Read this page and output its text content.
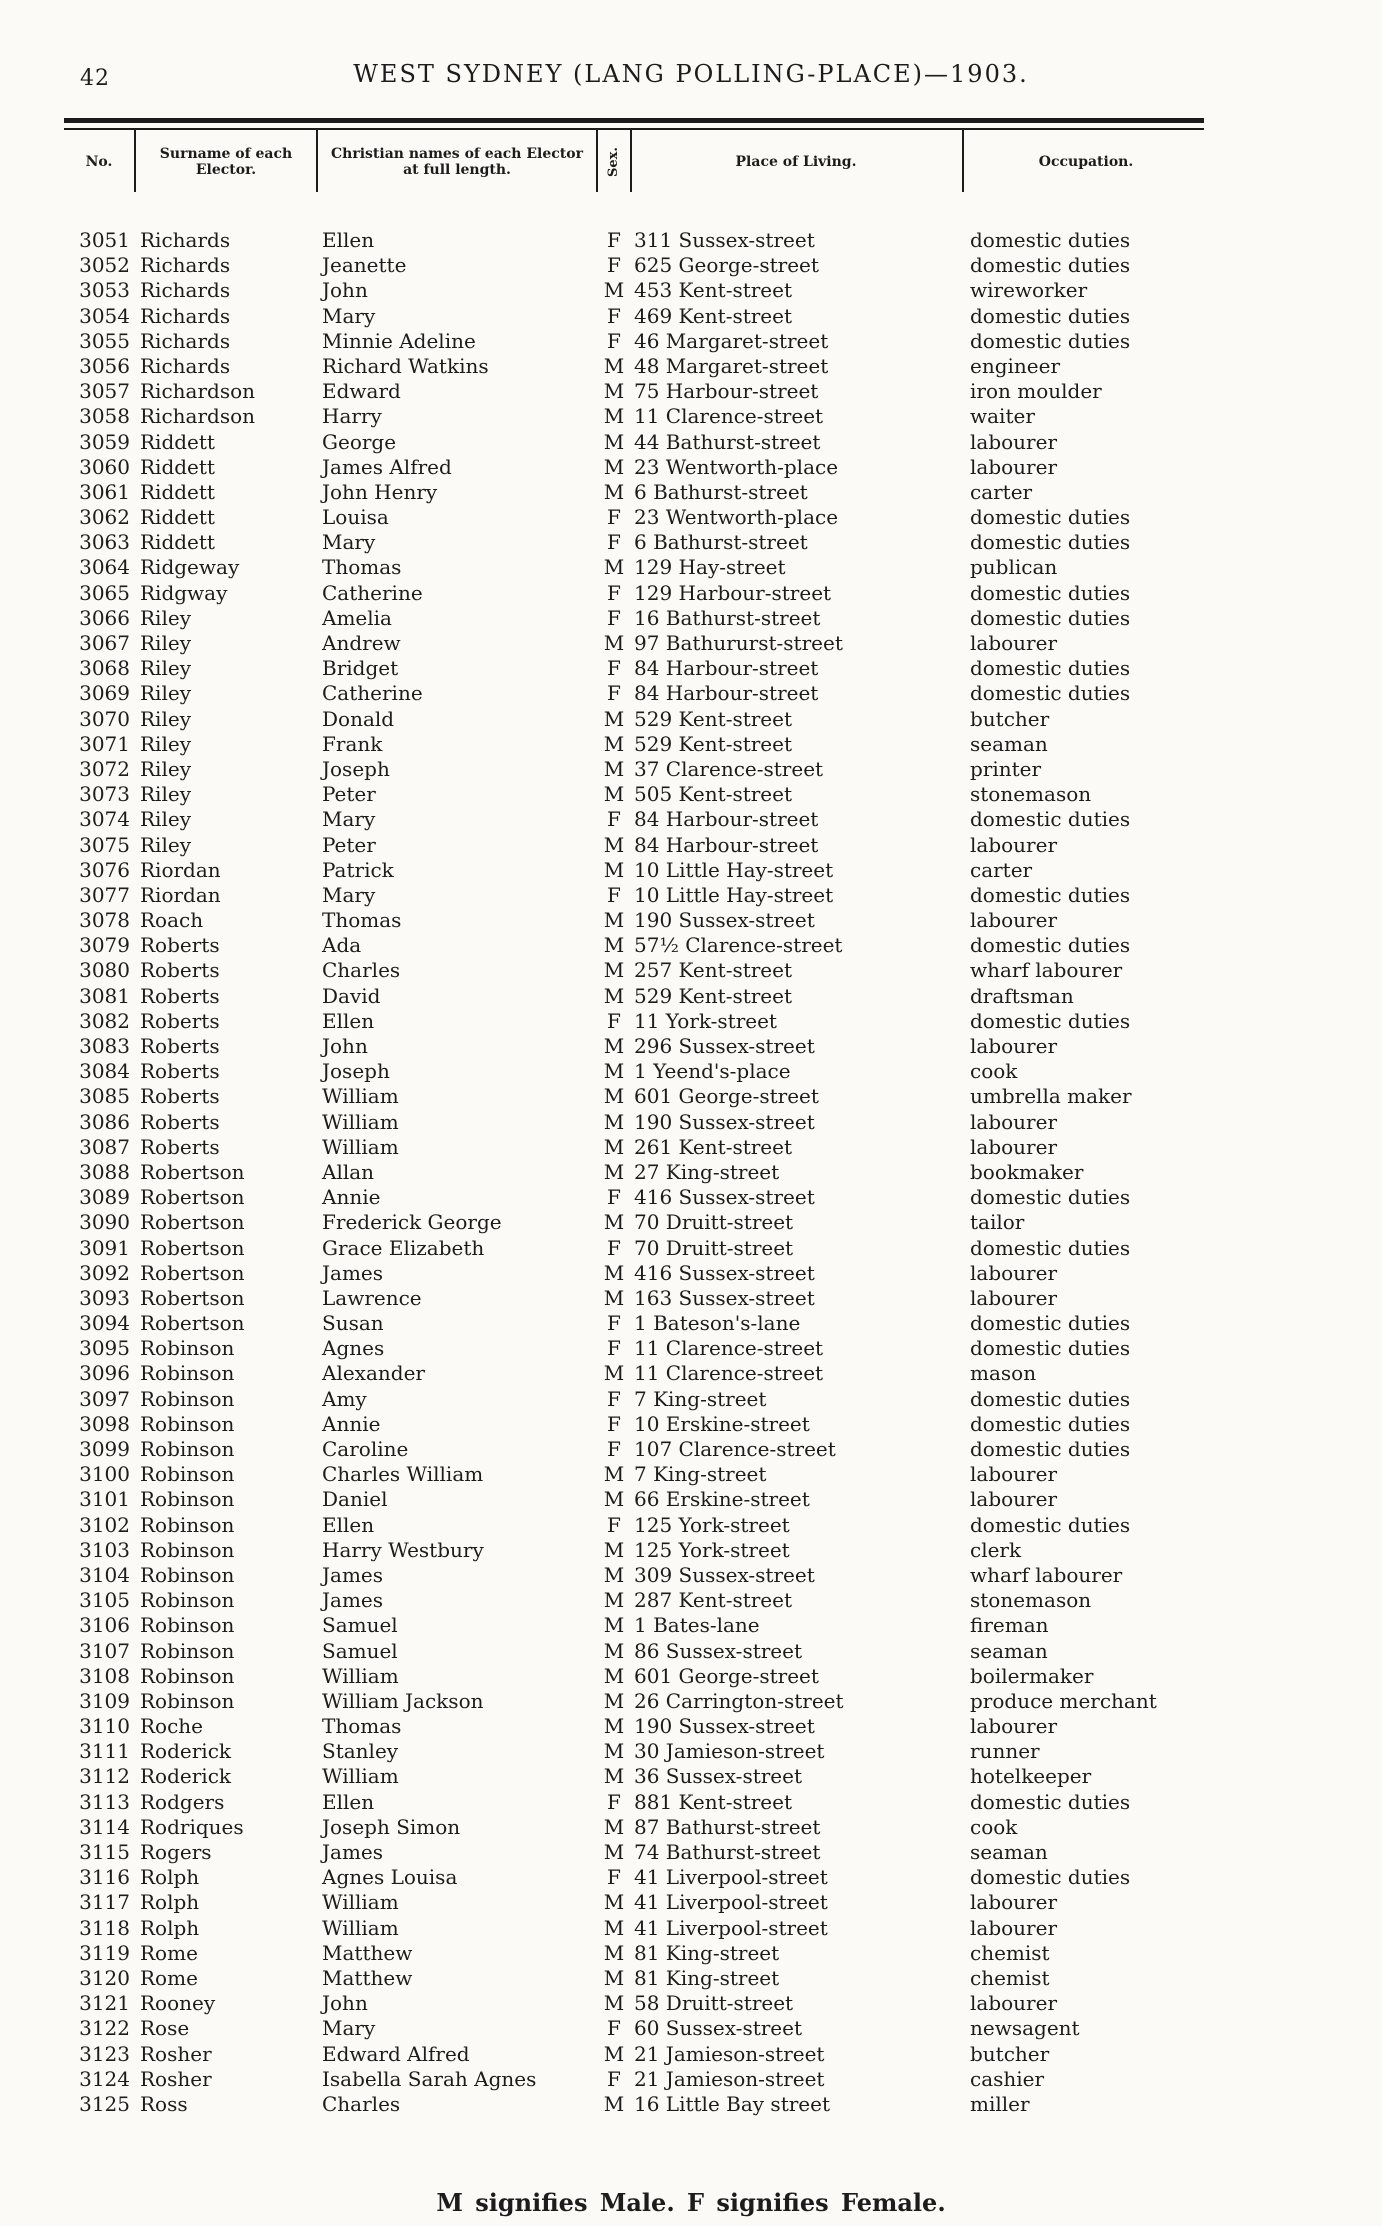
42	WEST SYDNEY (LANG POLLING-PLACE)—1903.
No.	Surname of each Elector.
Christian names of each Elector at full length.	Sex.	Place of Living.	Occupation.
3051 Richards	Ellen	F 311 Sussex-street	domestic duties
3052 Richards	Jeanette	F 625 George-street	domestic duties
3053 Richards	John	M 453 Kent-street	wireworker
3054 Richards	Mary	F 469 Kent-street	domestic duties
3055 Richards	Minnie Adeline	F 46 Margaret-street	domestic duties
3056 Richards	Richard Watkins	M 48 Margaret-street	engineer
3057 Richardson	Edward	M 75 Harbour-street	iron moulder
3058 Richardson	Harry	M 11 Clarence-street	waiter
3059 Riddett	George	M 44 Bathurst-street	labourer
3060 Riddett	James Alfred	M 23 Wentworth-place	labourer
3061 Riddett	John Henry	M 6 Bathurst-street	carter
3062 Riddett	Louisa	F 23 Wentworth-place	domestic duties
3063 Riddett	Mary	F 6 Bathurst-street	domestic duties
3064 Ridgeway	Thomas	M 129 Hay-street	publican
3065 Ridgway	Catherine	F 129 Harbour-street	domestic duties
3066 Riley	Amelia	F 16 Bathurst-street	domestic duties
3067 Riley	Andrew	M 97 Bathururst-street	labourer
3068 Riley	Bridget	F 84 Harbour-street	domestic duties
3069 Riley	Catherine	F 84 Harbour-street	domestic duties
3070 Riley	Donald	M 529 Kent-street	butcher
3071 Riley	Frank	M 529 Kent-street	seaman
3072 Riley	Joseph	M 37 Clarence-street	printer
3073 Riley	Peter	M 505 Kent-street	stonemason
3074 Riley	Mary	F 84 Harbour-street	domestic duties
3075 Riley	Peter	M 84 Harbour-street	labourer
3076 Riordan	Patrick	M 10 Little Hay-street	carter
3077 Riordan	Mary	F 10 Little Hay-street	domestic duties
3078 Roach	Thomas	M 190 Sussex-street	labourer
3079 Roberts	Ada	M 57½ Clarence-street	domestic duties
3080 Roberts	Charles	M 257 Kent-street	wharf labourer
3081 Roberts	David	M 529 Kent-street	draftsman
3082 Roberts	Ellen	F 11 York-street	domestic duties
3083 Roberts	John	M 296 Sussex-street	labourer
3084 Roberts	Joseph	M 1 Yeend's-place	cook
3085 Roberts	William	M 601 George-street	umbrella maker
3086 Roberts	William	M 190 Sussex-street	labourer
3087 Roberts	William	M 261 Kent-street	labourer
3088 Robertson	Allan	M 27 King-street	bookmaker
3089 Robertson	Annie	F 416 Sussex-street	domestic duties
3090 Robertson	Frederick George	M 70 Druitt-street	tailor
3091 Robertson	Grace Elizabeth	F 70 Druitt-street	domestic duties
3092 Robertson	James	M 416 Sussex-street	labourer
3093 Robertson	Lawrence	M 163 Sussex-street	labourer
3094 Robertson	Susan	F 1 Bateson's-lane	domestic duties
3095 Robinson	Agnes	F 11 Clarence-street	domestic duties
3096 Robinson	Alexander	M 11 Clarence-street	mason
3097 Robinson	Amy	F 7 King-street	domestic duties
3098 Robinson	Annie	F 10 Erskine-street	domestic duties
3099 Robinson	Caroline	F 107 Clarence-street	domestic duties
3100 Robinson	Charles William	M 7 King-street	labourer
3101 Robinson	Daniel	M 66 Erskine-street	labourer
3102 Robinson	Ellen	F 125 York-street	domestic duties
3103 Robinson	Harry Westbury	M 125 York-street	clerk
3104 Robinson	James	M 309 Sussex-street	wharf labourer
3105 Robinson	James	M 287 Kent-street	stonemason
3106 Robinson	Samuel	M 1 Bates-lane	fireman
3107 Robinson	Samuel	M 86 Sussex-street	seaman
3108 Robinson	William	M 601 George-street	boilermaker
3109 Robinson	William Jackson	M 26 Carrington-street	produce merchant
3110 Roche	Thomas	M 190 Sussex-street	labourer
3111 Roderick	Stanley	M 30 Jamieson-street	runner
3112 Roderick	William	M 36 Sussex-street	hotelkeeper
3113 Rodgers	Ellen	F 881 Kent-street	domestic duties
3114 Rodriques	Joseph Simon	M 87 Bathurst-street	cook
3115 Rogers	James	M 74 Bathurst-street	seaman
3116 Rolph	Agnes Louisa	F 41 Liverpool-street	domestic duties
3117 Rolph	William	M 41 Liverpool-street	labourer
3118 Rolph	William	M 41 Liverpool-street	labourer
3119 Rome	Matthew	M 81 King-street	chemist
3120 Rome	Matthew	M 81 King-street	chemist
3121 Rooney	John	M 58 Druitt-street	labourer
3122 Rose	Mary	F 60 Sussex-street	newsagent
3123 Rosher	Edward Alfred	M 21 Jamieson-street	butcher
3124 Rosher	Isabella Sarah Agnes	F 21 Jamieson-street	cashier
3125 Ross	Charles	M 16 Little Bay street	miller
M signifies Male. F signifies Female.
